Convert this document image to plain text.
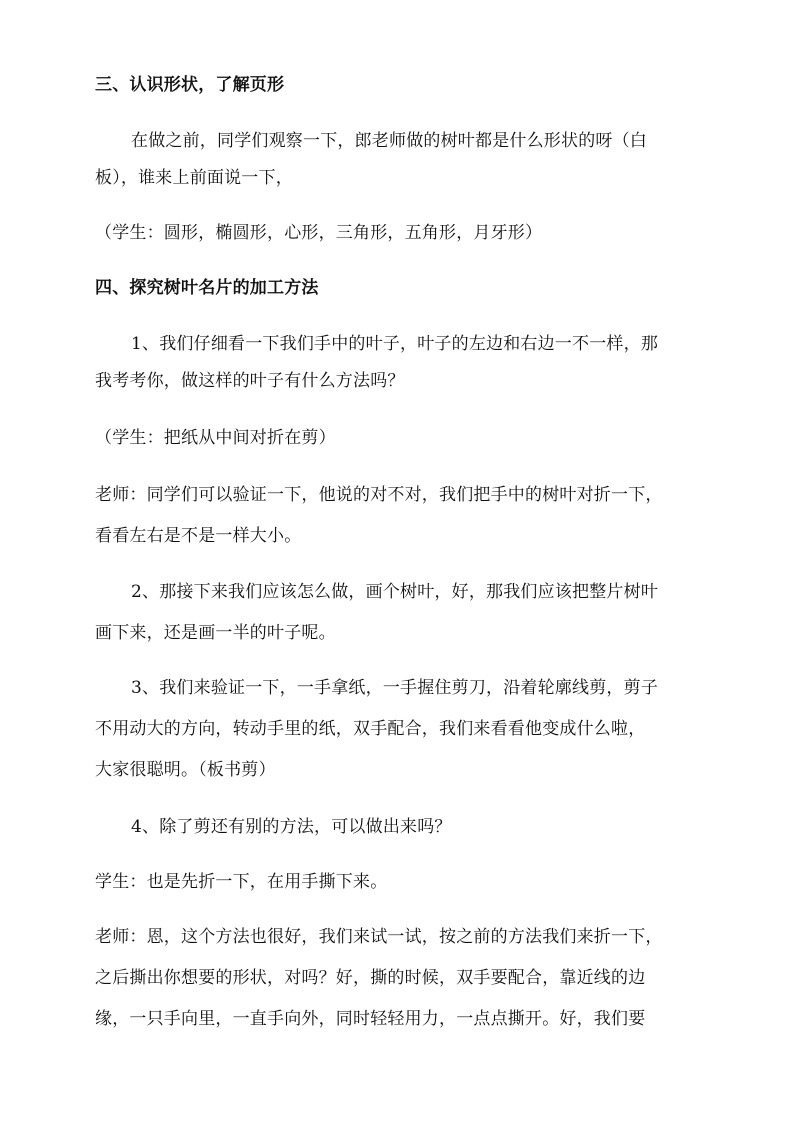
三、认识形状，了解页形
在做之前，同学们观察一下，郎老师做的树叶都是什么形状的呀（白
板），谁来上前面说一下，
（学生：圆形，椭圆形，心形，三角形，五角形，月牙形）
四、探究树叶名片的加工方法
1、我们仔细看一下我们手中的叶子，叶子的左边和右边一不一样，那
我考考你，做这样的叶子有什么方法吗？
（学生：把纸从中间对折在剪）
老师：同学们可以验证一下，他说的对不对，我们把手中的树叶对折一下，
看看左右是不是一样大小。
2、那接下来我们应该怎么做，画个树叶，好，那我们应该把整片树叶
画下来，还是画一半的叶子呢。
3、我们来验证一下，一手拿纸，一手握住剪刀，沿着轮廓线剪，剪子
不用动大的方向，转动手里的纸，双手配合，我们来看看他变成什么啦，
大家很聪明。（板书剪）
4、除了剪还有别的方法，可以做出来吗？
学生：也是先折一下，在用手撕下来。
老师：恩，这个方法也很好，我们来试一试，按之前的方法我们来折一下，
之后撕出你想要的形状，对吗？好，撕的时候，双手要配合，靠近线的边
缘，一只手向里，一直手向外，同时轻轻用力，一点点撕开。好，我们要
